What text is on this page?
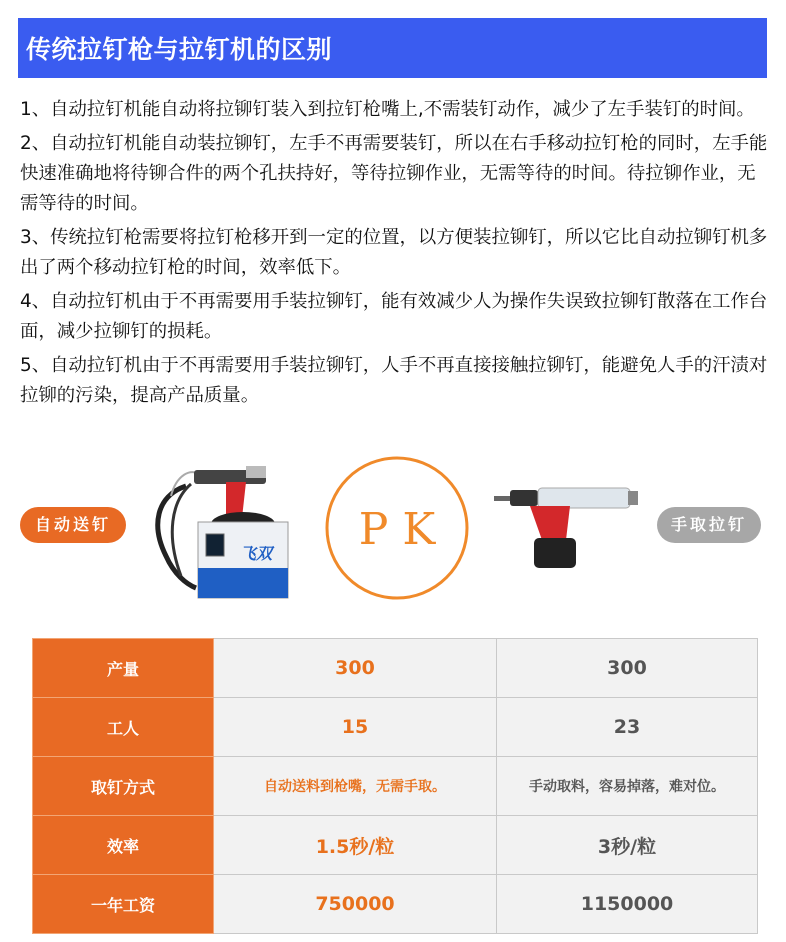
传统拉钉枪与拉钉机的区别
1、自动拉钉机能自动将拉铆钉装入到拉钉枪嘴上,不需装钉动作，减少了左手装钉的时间。
2、自动拉钉机能自动装拉铆钉，左手不再需要装钉，所以在右手移动拉钉枪的同时，左手能快速准确地将待铆合件的两个孔扶持好，等待拉铆作业，无需等待的时间。待拉铆作业，无需等待的时间。
3、传统拉钉枪需要将拉钉枪移开到一定的位置，以方便装拉铆钉，所以它比自动拉铆钉机多出了两个移动拉钉枪的时间，效率低下。
4、自动拉钉机由于不再需要用手装拉铆钉，能有效减少人为操作失误致拉铆钉散落在工作台面，减少拉铆钉的损耗。
5、自动拉钉机由于不再需要用手装拉铆钉，人手不再直接接触拉铆钉，能避免人手的汗渍对拉铆的污染，提高产品质量。
自动送钉	手取拉钉
飞双 P K
产量	300	300
工人	15	23
取钉方式	自动送料到枪嘴，无需手取。	手动取料，容易掉落，难对位。
效率	1.5秒/粒	3秒/粒
一年工资	750000	1150000
